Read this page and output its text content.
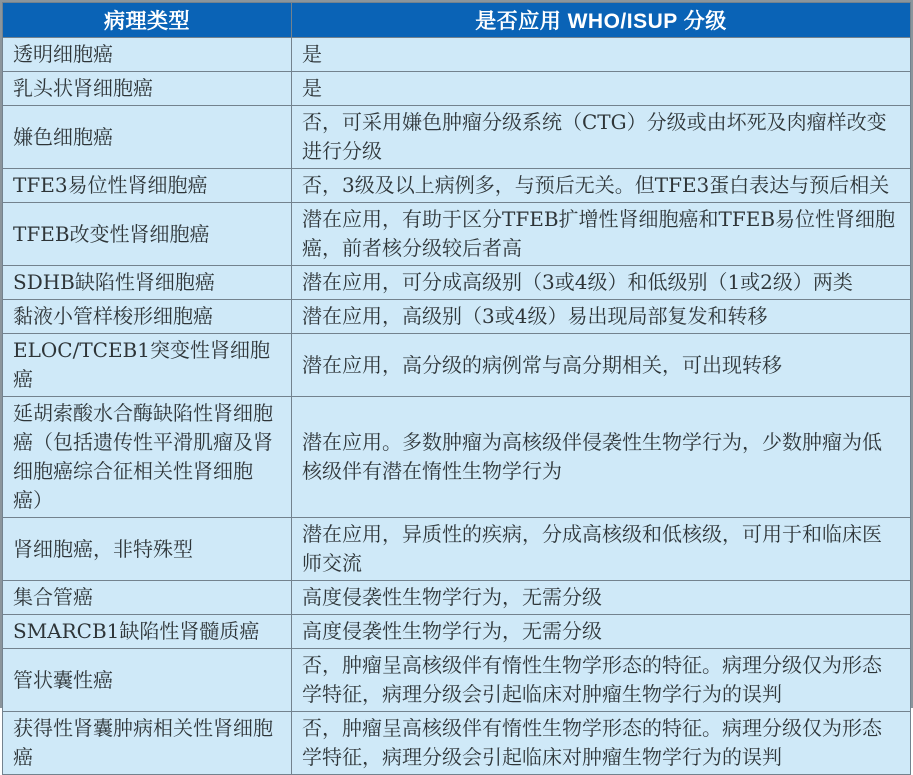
病理类型	是否应用 WHO/ISUP 分级
透明细胞癌	是
乳头状肾细胞癌	是
嫌色细胞癌	否，可采用嫌色肿瘤分级系统（CTG）分级或由坏死及肉瘤样改变进行分级
TFE3易位性肾细胞癌	否，3级及以上病例多，与预后无关。但TFE3蛋白表达与预后相关
TFEB改变性肾细胞癌	潜在应用，有助于区分TFEB扩增性肾细胞癌和TFEB易位性肾细胞癌，前者核分级较后者高
SDHB缺陷性肾细胞癌	潜在应用，可分成高级别（3或4级）和低级别（1或2级）两类
黏液小管样梭形细胞癌	潜在应用，高级别（3或4级）易出现局部复发和转移
ELOC/TCEB1突变性肾细胞癌	潜在应用，高分级的病例常与高分期相关，可出现转移
延胡索酸水合酶缺陷性肾细胞癌（包括遗传性平滑肌瘤及肾细胞癌综合征相关性肾细胞癌）	潜在应用。多数肿瘤为高核级伴侵袭性生物学行为，少数肿瘤为低核级伴有潜在惰性生物学行为
肾细胞癌，非特殊型	潜在应用，异质性的疾病，分成高核级和低核级，可用于和临床医师交流
集合管癌	高度侵袭性生物学行为，无需分级
SMARCB1缺陷性肾髓质癌	高度侵袭性生物学行为，无需分级
管状囊性癌	否，肿瘤呈高核级伴有惰性生物学形态的特征。病理分级仅为形态学特征，病理分级会引起临床对肿瘤生物学行为的误判
获得性肾囊肿病相关性肾细胞癌	否，肿瘤呈高核级伴有惰性生物学形态的特征。病理分级仅为形态学特征，病理分级会引起临床对肿瘤生物学行为的误判
